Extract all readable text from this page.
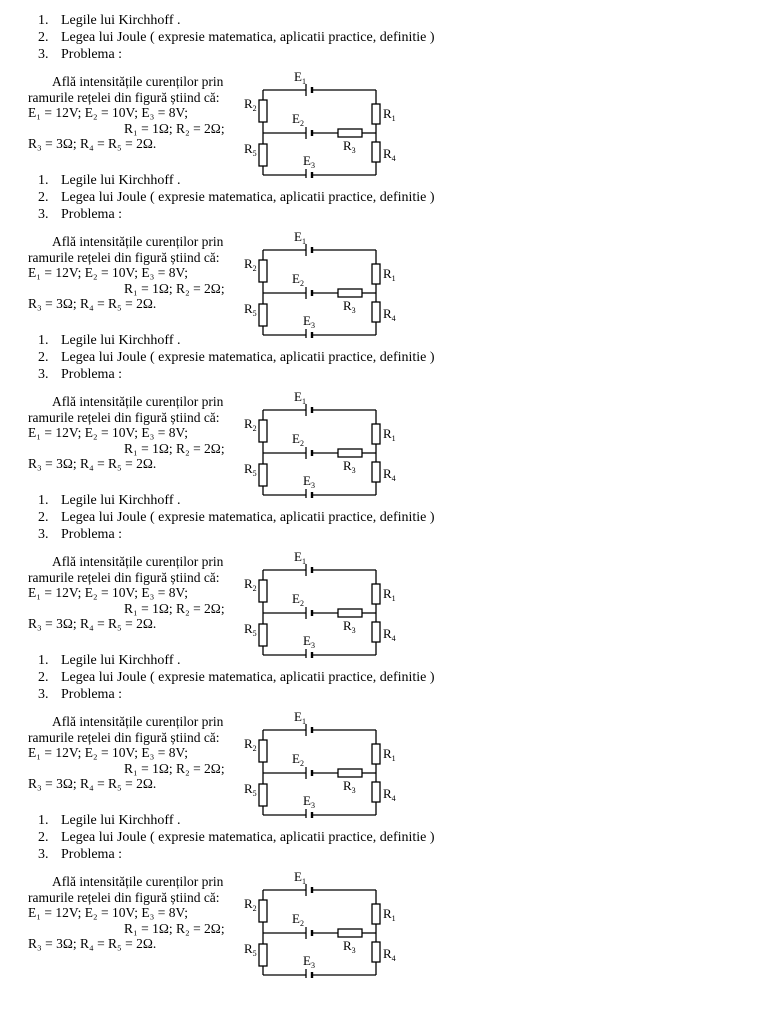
1. Legile lui Kirchhoff .
2. Legea lui Joule ( expresie matematica, aplicatii practice, definitie )
3. Problema :
Află intensitățile curenților prin
ramurile rețelei din figură știind că:
E₁ = 12V; E₂ = 10V; E₃ = 8V;
R₁ = 1Ω; R₂ = 2Ω;
R₃ = 3Ω; R₄ = R₅ = 2Ω.
$E_1$
$E_2$
$E_3$
$R_2$
$R_5$
$R_1$
$R_4$
$R_3$
1. Legile lui Kirchhoff .
2. Legea lui Joule ( expresie matematica, aplicatii practice, definitie )
3. Problema :
Află intensitățile curenților prin
ramurile rețelei din figură știind că:
E₁ = 12V; E₂ = 10V; E₃ = 8V;
R₁ = 1Ω; R₂ = 2Ω;
R₃ = 3Ω; R₄ = R₅ = 2Ω.
$E_1$
$E_2$
$E_3$
$R_2$
$R_5$
$R_1$
$R_4$
$R_3$
1. Legile lui Kirchhoff .
2. Legea lui Joule ( expresie matematica, aplicatii practice, definitie )
3. Problema :
Află intensitățile curenților prin
ramurile rețelei din figură știind că:
E₁ = 12V; E₂ = 10V; E₃ = 8V;
R₁ = 1Ω; R₂ = 2Ω;
R₃ = 3Ω; R₄ = R₅ = 2Ω.
$E_1$
$E_2$
$E_3$
$R_2$
$R_5$
$R_1$
$R_4$
$R_3$
1. Legile lui Kirchhoff .
2. Legea lui Joule ( expresie matematica, aplicatii practice, definitie )
3. Problema :
Află intensitățile curenților prin
ramurile rețelei din figură știind că:
E₁ = 12V; E₂ = 10V; E₃ = 8V;
R₁ = 1Ω; R₂ = 2Ω;
R₃ = 3Ω; R₄ = R₅ = 2Ω.
$E_1$
$E_2$
$E_3$
$R_2$
$R_5$
$R_1$
$R_4$
$R_3$
1. Legile lui Kirchhoff .
2. Legea lui Joule ( expresie matematica, aplicatii practice, definitie )
3. Problema :
Află intensitățile curenților prin
ramurile rețelei din figură știind că:
E₁ = 12V; E₂ = 10V; E₃ = 8V;
R₁ = 1Ω; R₂ = 2Ω;
R₃ = 3Ω; R₄ = R₅ = 2Ω.
$E_1$
$E_2$
$E_3$
$R_2$
$R_5$
$R_1$
$R_4$
$R_3$
1. Legile lui Kirchhoff .
2. Legea lui Joule ( expresie matematica, aplicatii practice, definitie )
3. Problema :
Află intensitățile curenților prin
ramurile rețelei din figură știind că:
E₁ = 12V; E₂ = 10V; E₃ = 8V;
R₁ = 1Ω; R₂ = 2Ω;
R₃ = 3Ω; R₄ = R₅ = 2Ω.
$E_1$
$E_2$
$E_3$
$R_2$
$R_5$
$R_1$
$R_4$
$R_3$
